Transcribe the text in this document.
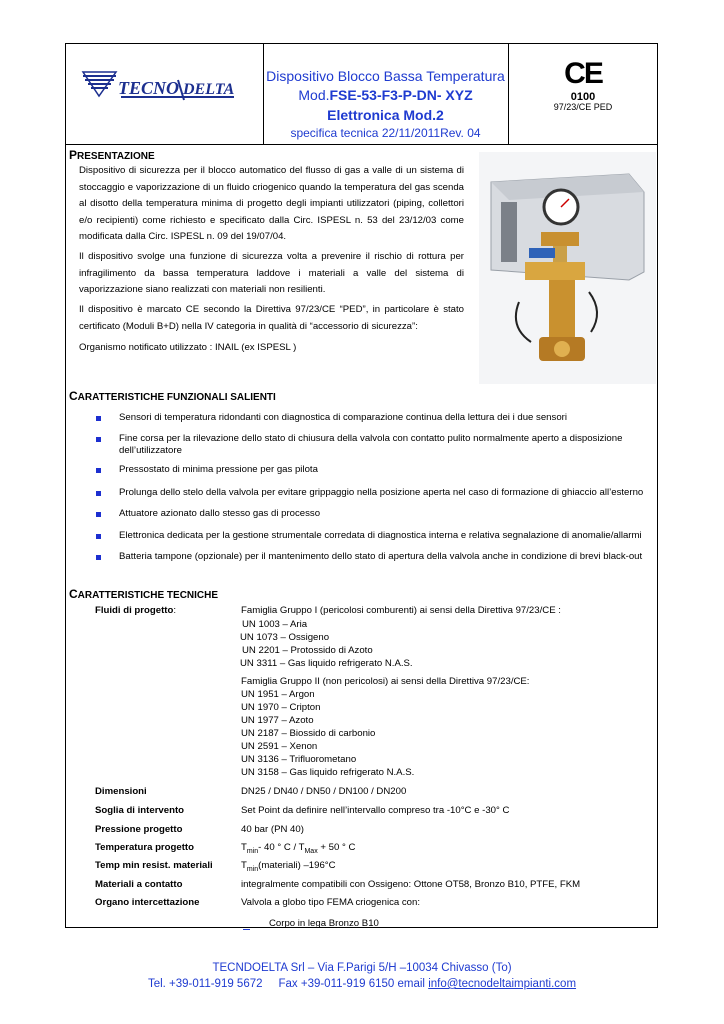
TECNO DELTA
Dispositivo Blocco Bassa Temperatura
Mod.FSE-53-F3-P-DN- XYZ
Elettronica Mod.2
specifica tecnica 22/11/2011Rev. 04
CE
0100
97/23/CE PED
PRESENTAZIONE
Dispositivo di sicurezza per il blocco automatico del flusso di gas a valle di un sistema di stoccaggio e vaporizzazione di un fluido criogenico quando la temperatura del gas scenda al disotto della temperatura minima di progetto degli impianti utilizzatori (piping, collettori e/o recipienti) come richiesto e specificato dalla Circ. ISPESL n. 53 del 23/12/03 come modificata dalla Circ. ISPESL n. 09 del 19/07/04.
Il dispositivo svolge una funzione di sicurezza volta a prevenire il rischio di rottura per infragilimento da bassa temperatura laddove i materiali a valle del sistema di vaporizzazione siano realizzati con materiali non resilienti.
Il dispositivo è marcato CE secondo la Direttiva 97/23/CE “PED”, in particolare è stato certificato (Moduli B+D) nella IV categoria in qualità di “accessorio di sicurezza”:
Organismo notificato utilizzato : INAIL (ex ISPESL )
CARATTERISTICHE FUNZIONALI SALIENTI
Sensori di temperatura ridondanti con diagnostica di comparazione continua della lettura dei i due sensori
Fine corsa per la rilevazione dello stato di chiusura della valvola con contatto pulito normalmente aperto a disposizione dell’utilizzatore
Pressostato di minima pressione per gas pilota
Prolunga dello stelo della valvola per evitare grippaggio nella posizione aperta nel caso di formazione di ghiaccio all’esterno
Attuatore azionato dallo stesso gas di processo
Elettronica dedicata per la gestione strumentale corredata di diagnostica interna e relativa segnalazione di anomalie/allarmi
Batteria tampone (opzionale) per il mantenimento dello stato di apertura della valvola anche in condizione di brevi black-out
CARATTERISTICHE TECNICHE
Fluidi di progetto:	Famiglia Gruppo I (pericolosi comburenti) ai sensi della Direttiva 97/23/CE :
UN 1003 – Aria
UN 1073 – Ossigeno
UN 2201 – Protossido di Azoto
UN 3311 – Gas liquido refrigerato N.A.S.
Famiglia Gruppo II (non pericolosi) ai sensi della Direttiva 97/23/CE:
UN 1951 – Argon
UN 1970 – Cripton
UN 1977 – Azoto
UN 2187 – Biossido di carbonio
UN 2591 – Xenon
UN 3136 – Trifluorometano
UN 3158 – Gas liquido refrigerato N.A.S.
Dimensioni	DN25 / DN40 / DN50 / DN100 / DN200
Soglia di intervento	Set Point da definire nell’intervallo compreso tra -10°C e -30° C
Pressione progetto	40 bar (PN 40)
Temperatura progetto	$T_{min}-$ 40 ° $C / T_{Max} + 50$ ° C
Temp min resist. materiali	$T_{min}(materiali)$ –196°C
Materiali a contatto	integralmente compatibili con Ossigeno: Ottone OT58, Bronzo B10, PTFE, FKM
Organo intercettazione	Valvola a globo tipo FEMA criogenica con:
Corpo in lega Bronzo B10
TECNDOELTA Srl – Via F.Parigi 5/H –10034 Chivasso (To)
Tel. +39-011-919 5672     Fax +39-011-919 6150 email info@tecnodeltaimpianti.com
